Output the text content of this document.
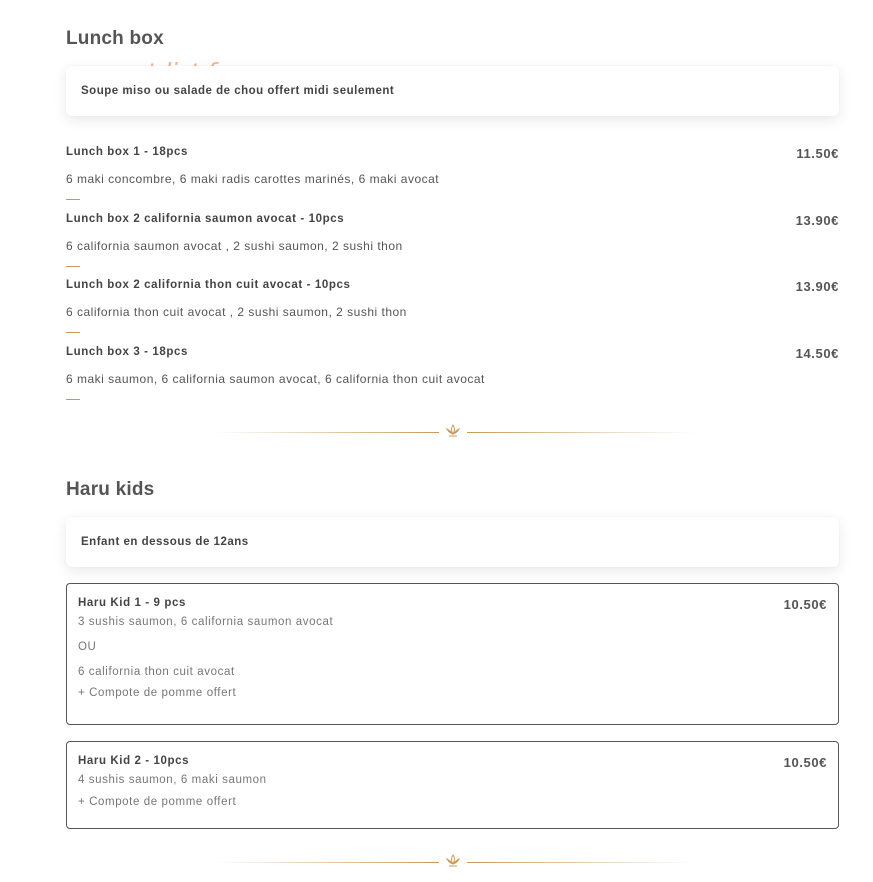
Lunch box
Soupe miso ou salade de chou offert midi seulement
Lunch box 1 - 18pcs	11.50€
6 maki concombre, 6 maki radis carottes marinés, 6 maki avocat
Lunch box 2 california saumon avocat - 10pcs	13.90€
6 california saumon avocat , 2 sushi saumon, 2 sushi thon
Lunch box 2 california thon cuit avocat - 10pcs	13.90€
6 california thon cuit avocat , 2 sushi saumon, 2 sushi thon
Lunch box 3 - 18pcs	14.50€
6 maki saumon, 6 california saumon avocat, 6 california thon cuit avocat
Haru kids
Enfant en dessous de 12ans
Haru Kid 1 - 9 pcs	10.50€
3 sushis saumon, 6 california saumon avocat
OU
6 california thon cuit avocat
+ Compote de pomme offert
Haru Kid 2 - 10pcs	10.50€
4 sushis saumon, 6 maki saumon
+ Compote de pomme offert
